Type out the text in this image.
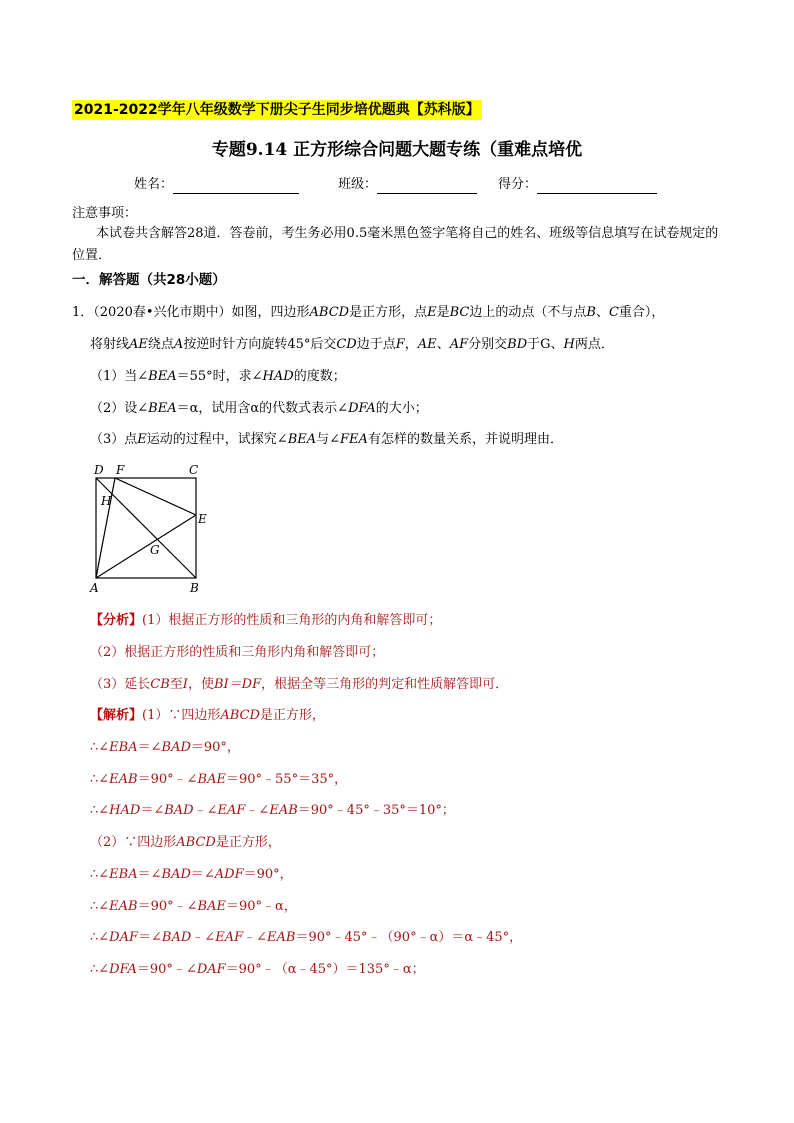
2021-2022学年八年级数学下册尖子生同步培优题典【苏科版】
专题9.14 正方形综合问题大题专练（重难点培优
姓名：	班级：	得分：
注意事项：
本试卷共含解答28道．答卷前，考生务必用0.5毫米黑色签字笔将自己的姓名、班级等信息填写在试卷规定的位置．
一．解答题（共28小题）
1．（2020春•兴化市期中）如图，四边形ABCD是正方形，点E是BC边上的动点（不与点B、C重合），
将射线AE绕点A按逆时针方向旋转45°后交CD边于点F，AE、AF分别交BD于G、H两点．
（1）当∠BEA＝55°时，求∠HAD的度数；
（2）设∠BEA＝α，试用含α的代数式表示∠DFA的大小；
（3）点E运动的过程中，试探究∠BEA与∠FEA有怎样的数量关系，并说明理由．
D F	C
H
E
G
A	B
【分析】(1）根据正方形的性质和三角形的内角和解答即可；
（2）根据正方形的性质和三角形内角和解答即可；
（3）延长CB至I，使BI＝DF，根据全等三角形的判定和性质解答即可．
【解析】(1）∵四边形ABCD是正方形，
∴∠EBA＝∠BAD＝90°，
∴∠EAB＝90°﹣∠BAE＝90°﹣55°＝35°，
∴∠HAD＝∠BAD﹣∠EAF﹣∠EAB＝90°﹣45°﹣35°＝10°；
（2）∵四边形ABCD是正方形，
∴∠EBA＝∠BAD＝∠ADF＝90°，
∴∠EAB＝90°﹣∠BAE＝90°﹣α，
∴∠DAF＝∠BAD﹣∠EAF﹣∠EAB＝90°﹣45°﹣（90°﹣α）＝α﹣45°，
∴∠DFA＝90°﹣∠DAF＝90°﹣（α﹣45°）＝135°﹣α；
